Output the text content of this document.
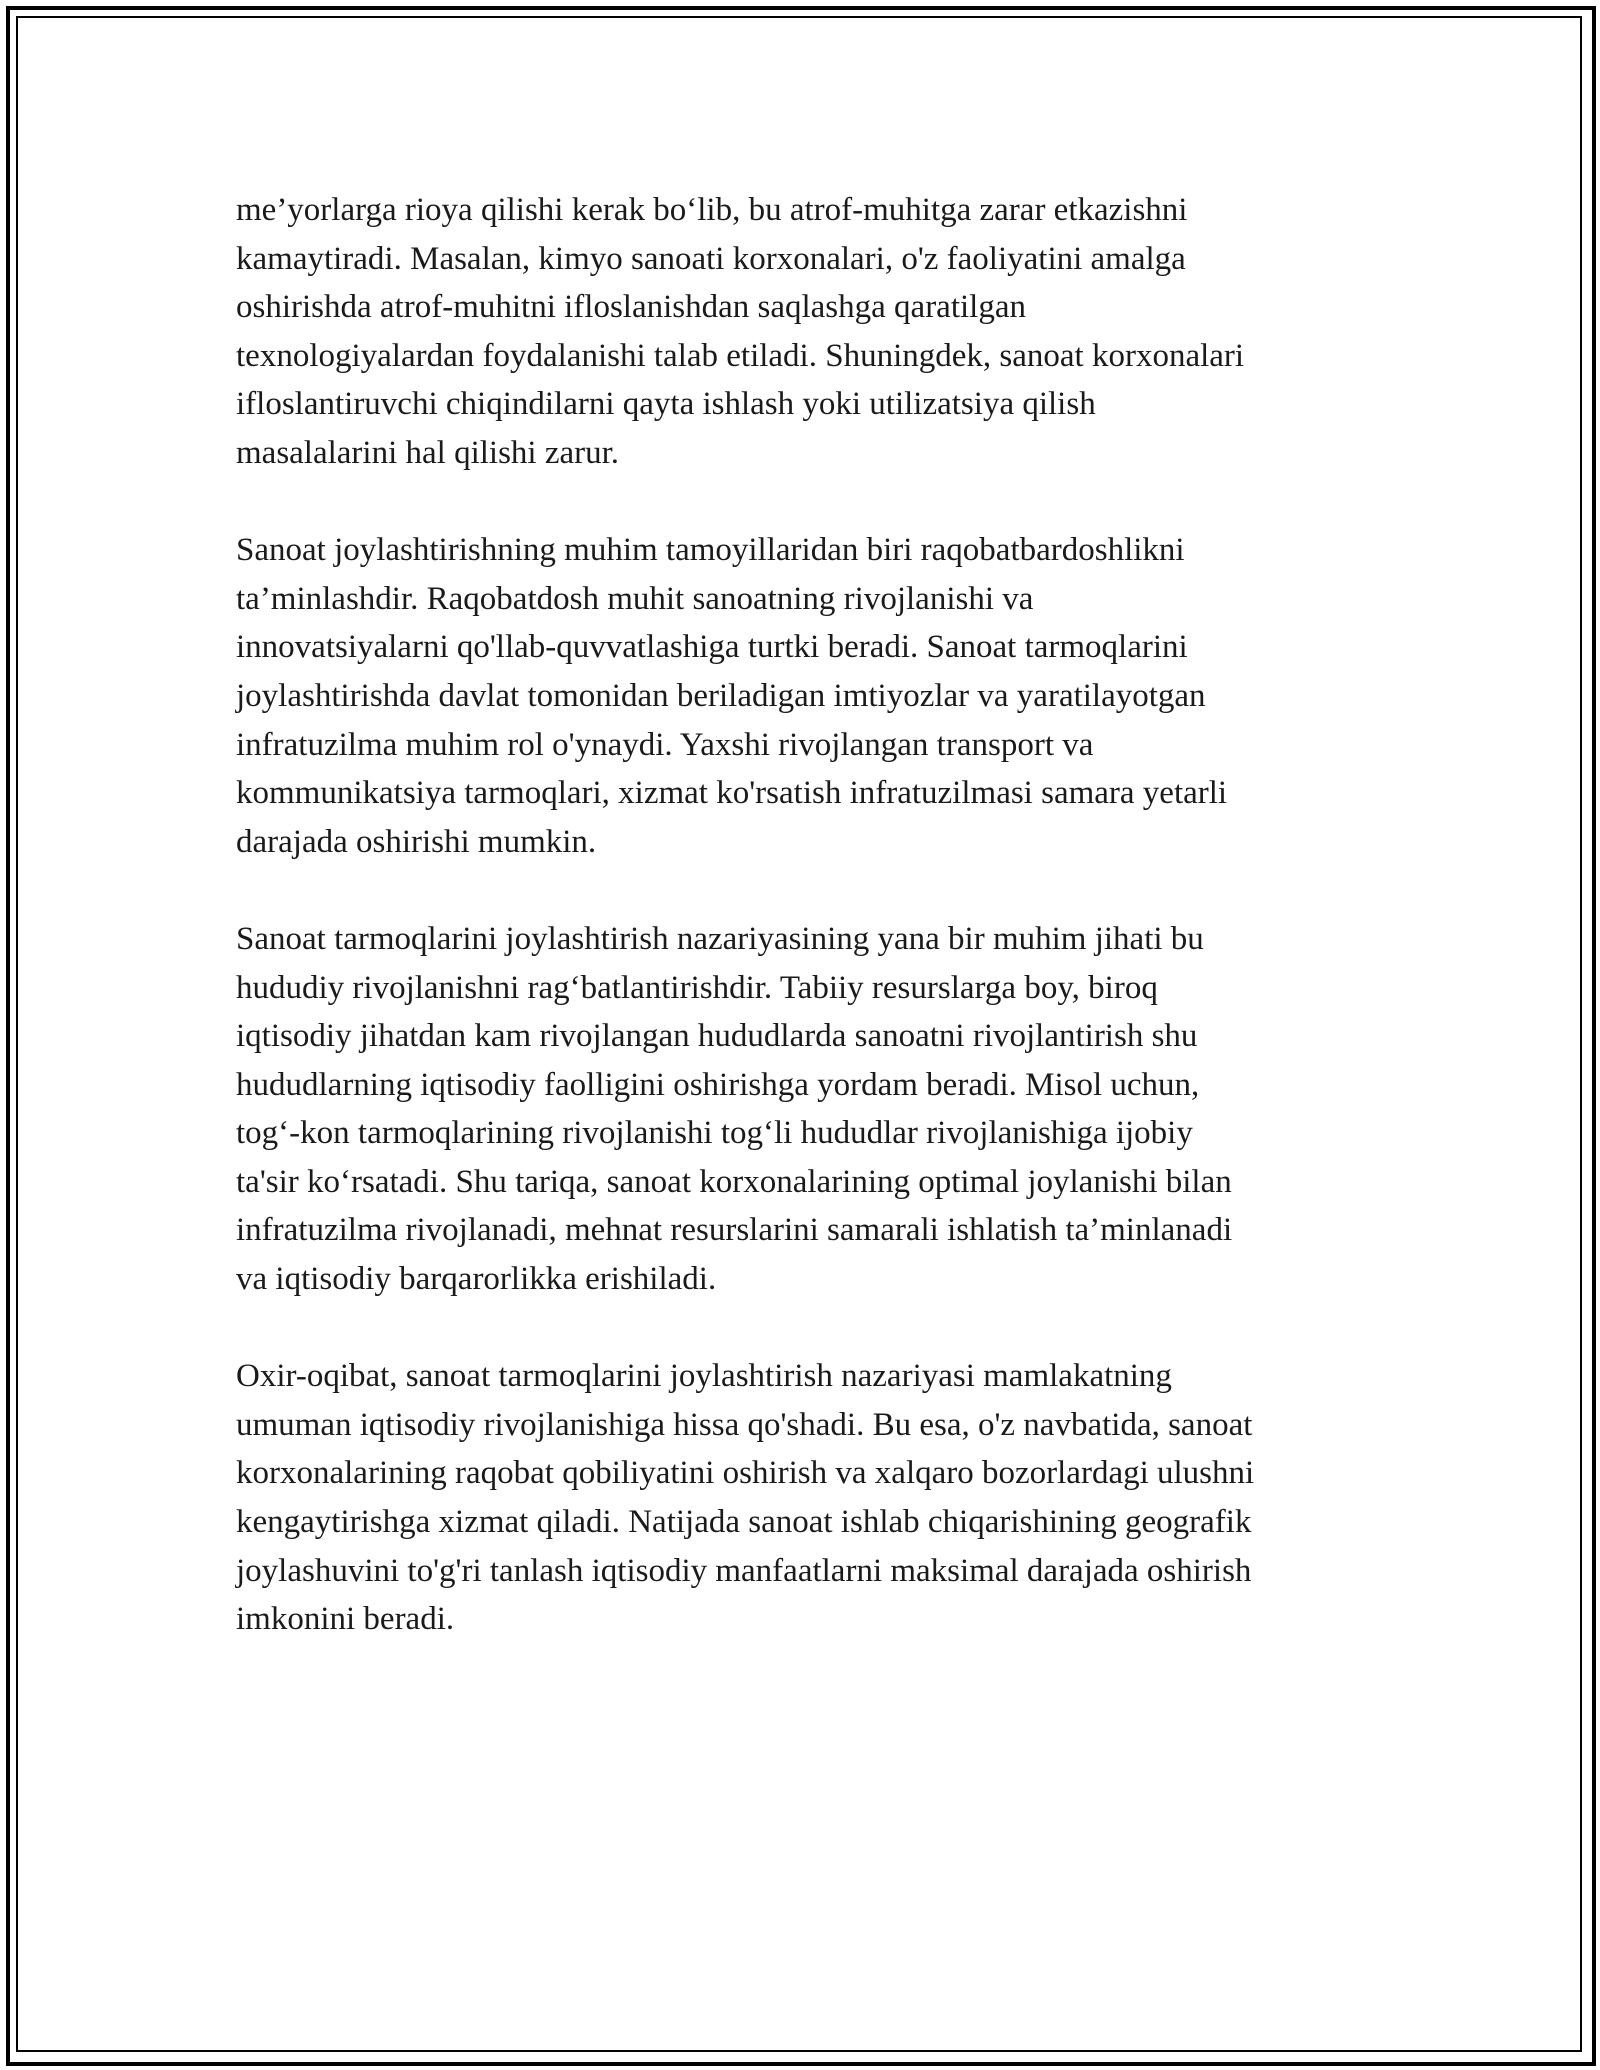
me’yorlarga rioya qilishi kerak bo‘lib, bu atrof-muhitga zarar etkazishni
kamaytiradi. Masalan, kimyo sanoati korxonalari, o'z faoliyatini amalga
oshirishda atrof-muhitni ifloslanishdan saqlashga qaratilgan
texnologiyalardan foydalanishi talab etiladi. Shuningdek, sanoat korxonalari
ifloslantiruvchi chiqindilarni qayta ishlash yoki utilizatsiya qilish
masalalarini hal qilishi zarur.

Sanoat joylashtirishning muhim tamoyillaridan biri raqobatbardoshlikni
ta’minlashdir. Raqobatdosh muhit sanoatning rivojlanishi va
innovatsiyalarni qo'llab-quvvatlashiga turtki beradi. Sanoat tarmoqlarini
joylashtirishda davlat tomonidan beriladigan imtiyozlar va yaratilayotgan
infratuzilma muhim rol o'ynaydi. Yaxshi rivojlangan transport va
kommunikatsiya tarmoqlari, xizmat ko'rsatish infratuzilmasi samara yetarli
darajada oshirishi mumkin.

Sanoat tarmoqlarini joylashtirish nazariyasining yana bir muhim jihati bu
hududiy rivojlanishni rag‘batlantirishdir. Tabiiy resurslarga boy, biroq
iqtisodiy jihatdan kam rivojlangan hududlarda sanoatni rivojlantirish shu
hududlarning iqtisodiy faolligini oshirishga yordam beradi. Misol uchun,
tog‘-kon tarmoqlarining rivojlanishi tog‘li hududlar rivojlanishiga ijobiy
ta'sir ko‘rsatadi. Shu tariqa, sanoat korxonalarining optimal joylanishi bilan
infratuzilma rivojlanadi, mehnat resurslarini samarali ishlatish ta’minlanadi
va iqtisodiy barqarorlikka erishiladi.

Oxir-oqibat, sanoat tarmoqlarini joylashtirish nazariyasi mamlakatning
umuman iqtisodiy rivojlanishiga hissa qo'shadi. Bu esa, o'z navbatida, sanoat
korxonalarining raqobat qobiliyatini oshirish va xalqaro bozorlardagi ulushni
kengaytirishga xizmat qiladi. Natijada sanoat ishlab chiqarishining geografik
joylashuvini to'g'ri tanlash iqtisodiy manfaatlarni maksimal darajada oshirish
imkonini beradi.
